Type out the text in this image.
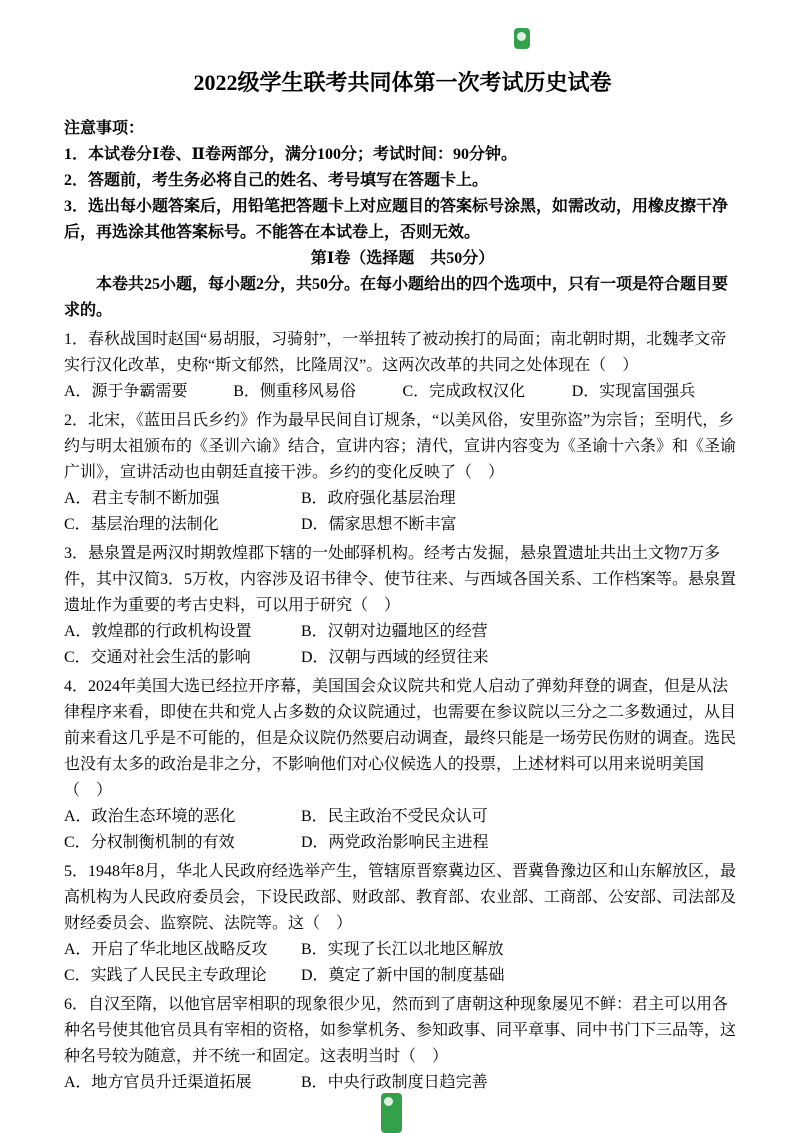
2022级学生联考共同体第一次考试历史试卷

注意事项：

1．本试卷分Ⅰ卷、Ⅱ卷两部分，满分100分；考试时间：90分钟。

2．答题前，考生务必将自己的姓名、考号填写在答题卡上。

3．选出每小题答案后，用铅笔把答题卡上对应题目的答案标号涂黑，如需改动，用橡皮擦干净后，再选涂其他答案标号。不能答在本试卷上，否则无效。

第Ⅰ卷（选择题　共50分）

本卷共25小题，每小题2分，共50分。在每小题给出的四个选项中，只有一项是符合题目要求的。

1．春秋战国时赵国“易胡服，习骑射”，一举扭转了被动挨打的局面；南北朝时期，北魏孝文帝实行汉化改革，史称“斯文郁然，比隆周汉”。这两次改革的共同之处体现在（　）

A．源于争霸需要	B．侧重移风易俗	C．完成政权汉化	D．实现富国强兵

2．北宋，《蓝田吕氏乡约》作为最早民间自订规条，“以美风俗，安里弥盗”为宗旨；至明代，乡约与明太祖颁布的《圣训六谕》结合，宣讲内容；清代，宣讲内容变为《圣谕十六条》和《圣谕广训》，宣讲活动也由朝廷直接干涉。乡约的变化反映了（　）

A．君主专制不断加强	B．政府强化基层治理
C．基层治理的法制化	D．儒家思想不断丰富

3．悬泉置是两汉时期敦煌郡下辖的一处邮驿机构。经考古发掘，悬泉置遗址共出土文物7万多件，其中汉简3．5万枚，内容涉及诏书律令、使节往来、与西域各国关系、工作档案等。悬泉置遗址作为重要的考古史料，可以用于研究（　）

A．敦煌郡的行政机构设置	B．汉朝对边疆地区的经营
C．交通对社会生活的影响	D．汉朝与西域的经贸往来

4．2024年美国大选已经拉开序幕，美国国会众议院共和党人启动了弹劾拜登的调查，但是从法律程序来看，即使在共和党人占多数的众议院通过，也需要在参议院以三分之二多数通过，从目前来看这几乎是不可能的，但是众议院仍然要启动调查，最终只能是一场劳民伤财的调查。选民也没有太多的政治是非之分，不影响他们对心仪候选人的投票，上述材料可以用来说明美国（　）

A．政治生态环境的恶化	B．民主政治不受民众认可
C．分权制衡机制的有效	D．两党政治影响民主进程

5．1948年8月，华北人民政府经选举产生，管辖原晋察冀边区、晋冀鲁豫边区和山东解放区，最高机构为人民政府委员会，下设民政部、财政部、教育部、农业部、工商部、公安部、司法部及财经委员会、监察院、法院等。这（　）

A．开启了华北地区战略反攻	B．实现了长江以北地区解放
C．实践了人民民主专政理论	D．奠定了新中国的制度基础

6．自汉至隋，以他官居宰相职的现象很少见，然而到了唐朝这种现象屡见不鲜：君主可以用各种名号使其他官员具有宰相的资格，如参掌机务、参知政事、同平章事、同中书门下三品等，这种名号较为随意，并不统一和固定。这表明当时（　）

A．地方官员升迁渠道拓展	B．中央行政制度日趋完善
